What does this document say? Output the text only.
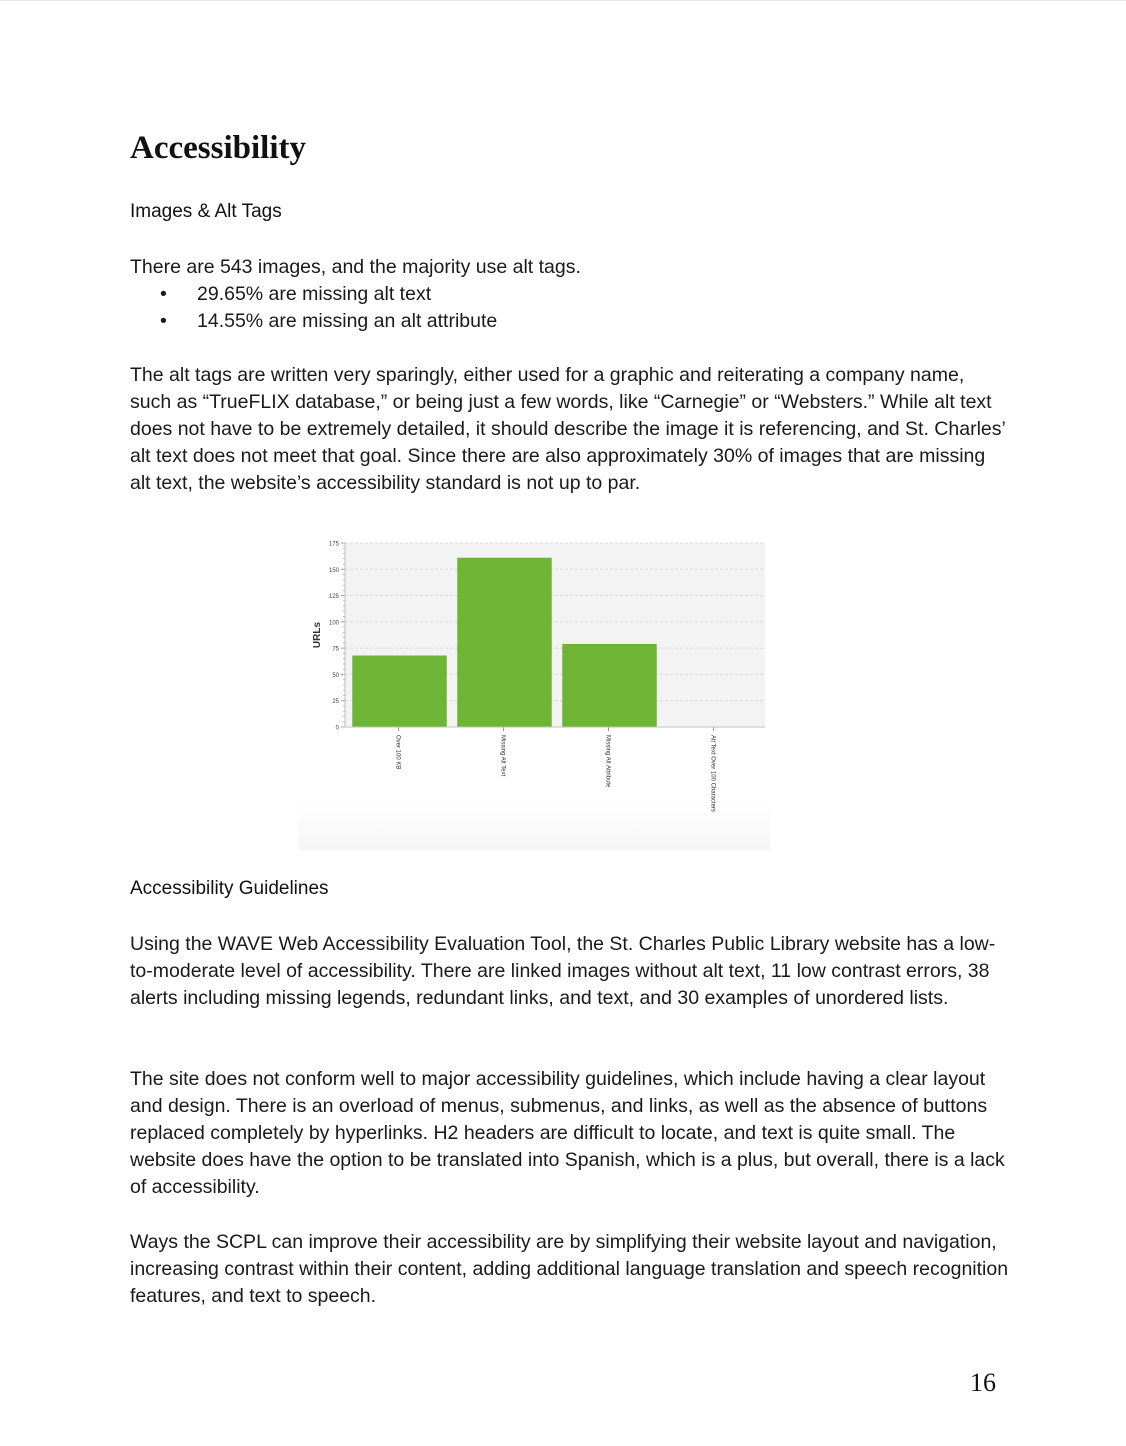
Accessibility
Images & Alt Tags

There are 543 images, and the majority use alt tags.

• 29.65% are missing alt text
• 14.55% are missing an alt attribute

The alt tags are written very sparingly, either used for a graphic and reiterating a company name, such as “TrueFLIX database,” or being just a few words, like “Carnegie” or “Websters.” While alt text does not have to be extremely detailed, it should describe the image it is referencing, and St. Charles’ alt text does not meet that goal. Since there are also approximately 30% of images that are missing alt text, the website’s accessibility standard is not up to par.

0
25
50
75
100
125
150
175
Over 100 KB	Missing Alt Text	Missing Alt Attribute	Alt Text Over 100 Characters
URLs
Accessibility Guidelines

Using the WAVE Web Accessibility Evaluation Tool, the St. Charles Public Library website has a low-to-moderate level of accessibility. There are linked images without alt text, 11 low contrast errors, 38 alerts including missing legends, redundant links, and text, and 30 examples of unordered lists.

The site does not conform well to major accessibility guidelines, which include having a clear layout and design. There is an overload of menus, submenus, and links, as well as the absence of buttons replaced completely by hyperlinks. H2 headers are difficult to locate, and text is quite small. The website does have the option to be translated into Spanish, which is a plus, but overall, there is a lack of accessibility.

Ways the SCPL can improve their accessibility are by simplifying their website layout and navigation, increasing contrast within their content, adding additional language translation and speech recognition features, and text to speech.

16
